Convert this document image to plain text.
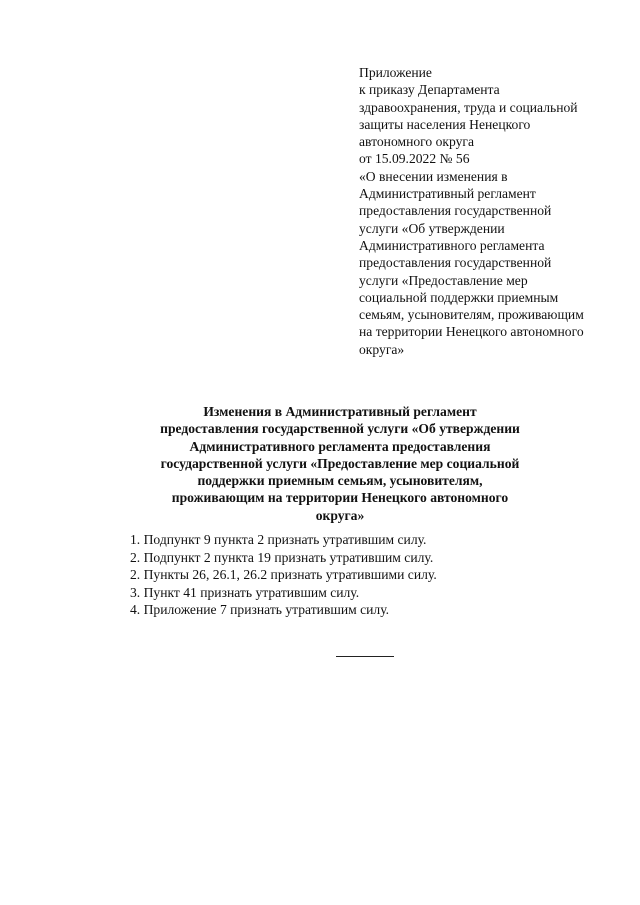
Приложение
к приказу Департамента
здравоохранения, труда и социальной
защиты населения Ненецкого
автономного округа
от 15.09.2022 № 56
«О внесении изменения в
Административный регламент
предоставления государственной
услуги «Об утверждении
Административного регламента
предоставления государственной
услуги «Предоставление мер
социальной поддержки приемным
семьям, усыновителям, проживающим
на территории Ненецкого автономного
округа»
Изменения в Административный регламент
предоставления государственной услуги «Об утверждении
Административного регламента предоставления
государственной услуги «Предоставление мер социальной
поддержки приемным семьям, усыновителям,
проживающим на территории Ненецкого автономного
округа»
1. Подпункт 9 пункта 2 признать утратившим силу.
2. Подпункт 2 пункта 19 признать утратившим силу.
2. Пункты 26, 26.1, 26.2 признать утратившими силу.
3. Пункт 41 признать утратившим силу.
4. Приложение 7 признать утратившим силу.
